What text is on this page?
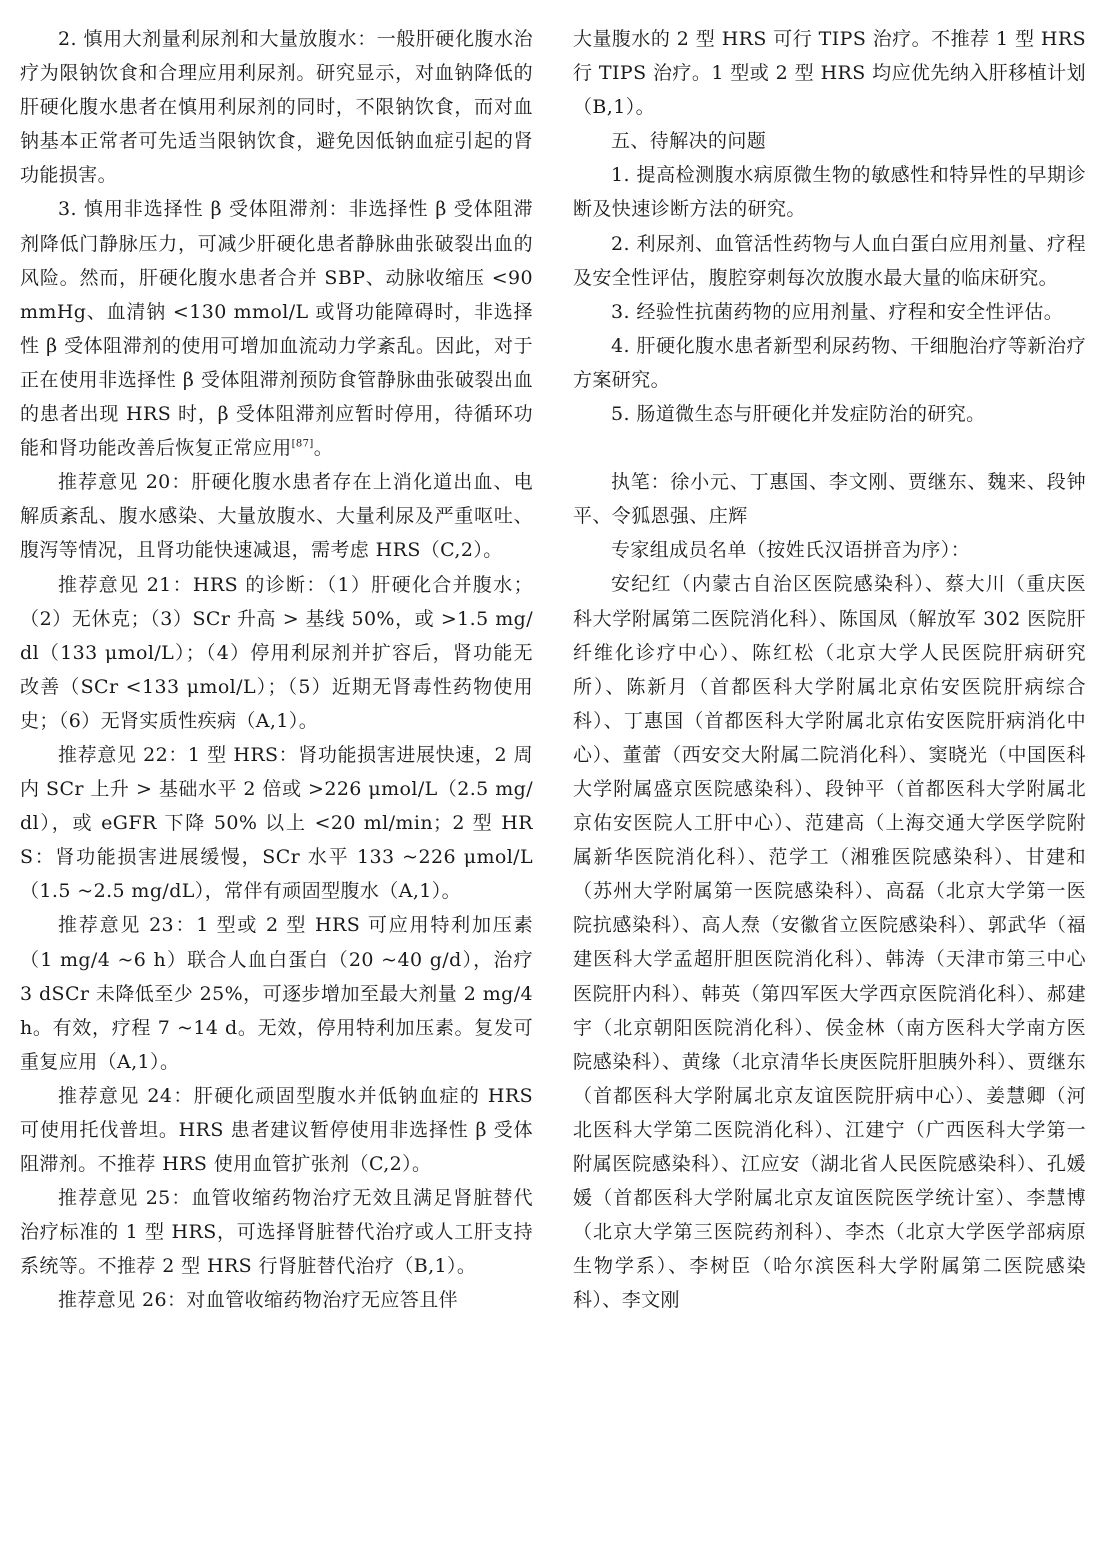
2. 慎用大剂量利尿剂和大量放腹水：一般肝硬化腹水治疗为限钠饮食和合理应用利尿剂。研究显示，对血钠降低的肝硬化腹水患者在慎用利尿剂的同时，不限钠饮食，而对血钠基本正常者可先适当限钠饮食，避免因低钠血症引起的肾功能损害。

3. 慎用非选择性 β 受体阻滞剂：非选择性 β 受体阻滞剂降低门静脉压力，可减少肝硬化患者静脉曲张破裂出血的风险。然而，肝硬化腹水患者合并 SBP、动脉收缩压 <90 mmHg、血清钠 <130 mmol/L 或肾功能障碍时，非选择性 β 受体阻滞剂的使用可增加血流动力学紊乱。因此，对于正在使用非选择性 β 受体阻滞剂预防食管静脉曲张破裂出血的患者出现 HRS 时，β 受体阻滞剂应暂时停用，待循环功能和肾功能改善后恢复正常应用[87]。

推荐意见 20：肝硬化腹水患者存在上消化道出血、电解质紊乱、腹水感染、大量放腹水、大量利尿及严重呕吐、腹泻等情况，且肾功能快速减退，需考虑 HRS（C,2）。

推荐意见 21：HRS 的诊断：（1）肝硬化合并腹水；（2）无休克；（3）SCr 升高 > 基线 50%，或 >1.5 mg/dl（133 μmol/L）；（4）停用利尿剂并扩容后，肾功能无改善（SCr <133 μmol/L）；（5）近期无肾毒性药物使用史；（6）无肾实质性疾病（A,1）。

推荐意见 22：1 型 HRS：肾功能损害进展快速，2 周内 SCr 上升 > 基础水平 2 倍或 >226 μmol/L（2.5 mg/dl），或 eGFR 下降 50% 以上 <20 ml/min；2 型 HRS：肾功能损害进展缓慢，SCr 水平 133 ~226 μmol/L（1.5 ~2.5 mg/dL），常伴有顽固型腹水（A,1）。

推荐意见 23：1 型或 2 型 HRS 可应用特利加压素（1 mg/4 ~6 h）联合人血白蛋白（20 ~40 g/d），治疗 3 dSCr 未降低至少 25%，可逐步增加至最大剂量 2 mg/4 h。有效，疗程 7 ~14 d。无效，停用特利加压素。复发可重复应用（A,1）。

推荐意见 24：肝硬化顽固型腹水并低钠血症的 HRS 可使用托伐普坦。HRS 患者建议暂停使用非选择性 β 受体阻滞剂。不推荐 HRS 使用血管扩张剂（C,2）。

推荐意见 25：血管收缩药物治疗无效且满足肾脏替代治疗标准的 1 型 HRS，可选择肾脏替代治疗或人工肝支持系统等。不推荐 2 型 HRS 行肾脏替代治疗（B,1）。

推荐意见 26：对血管收缩药物治疗无应答且伴

大量腹水的 2 型 HRS 可行 TIPS 治疗。不推荐 1 型 HRS 行 TIPS 治疗。1 型或 2 型 HRS 均应优先纳入肝移植计划（B,1）。

五、待解决的问题

1. 提高检测腹水病原微生物的敏感性和特异性的早期诊断及快速诊断方法的研究。

2. 利尿剂、血管活性药物与人血白蛋白应用剂量、疗程及安全性评估，腹腔穿刺每次放腹水最大量的临床研究。

3. 经验性抗菌药物的应用剂量、疗程和安全性评估。

4. 肝硬化腹水患者新型利尿药物、干细胞治疗等新治疗方案研究。

5. 肠道微生态与肝硬化并发症防治的研究。

执笔：徐小元、丁惠国、李文刚、贾继东、魏来、段钟平、令狐恩强、庄辉

专家组成员名单（按姓氏汉语拼音为序）：

安纪红（内蒙古自治区医院感染科）、蔡大川（重庆医科大学附属第二医院消化科）、陈国凤（解放军 302 医院肝纤维化诊疗中心）、陈红松（北京大学人民医院肝病研究所）、陈新月（首都医科大学附属北京佑安医院肝病综合科）、丁惠国（首都医科大学附属北京佑安医院肝病消化中心）、董蕾（西安交大附属二院消化科）、窦晓光（中国医科大学附属盛京医院感染科）、段钟平（首都医科大学附属北京佑安医院人工肝中心）、范建高（上海交通大学医学院附属新华医院消化科）、范学工（湘雅医院感染科）、甘建和（苏州大学附属第一医院感染科）、高磊（北京大学第一医院抗感染科）、高人焘（安徽省立医院感染科）、郭武华（福建医科大学孟超肝胆医院消化科）、韩涛（天津市第三中心医院肝内科）、韩英（第四军医大学西京医院消化科）、郝建宇（北京朝阳医院消化科）、侯金林（南方医科大学南方医院感染科）、黄缘（北京清华长庚医院肝胆胰外科）、贾继东（首都医科大学附属北京友谊医院肝病中心）、姜慧卿（河北医科大学第二医院消化科）、江建宁（广西医科大学第一附属医院感染科）、江应安（湖北省人民医院感染科）、孔媛媛（首都医科大学附属北京友谊医院医学统计室）、李慧博（北京大学第三医院药剂科）、李杰（北京大学医学部病原生物学系）、李树臣（哈尔滨医科大学附属第二医院感染科）、李文刚
